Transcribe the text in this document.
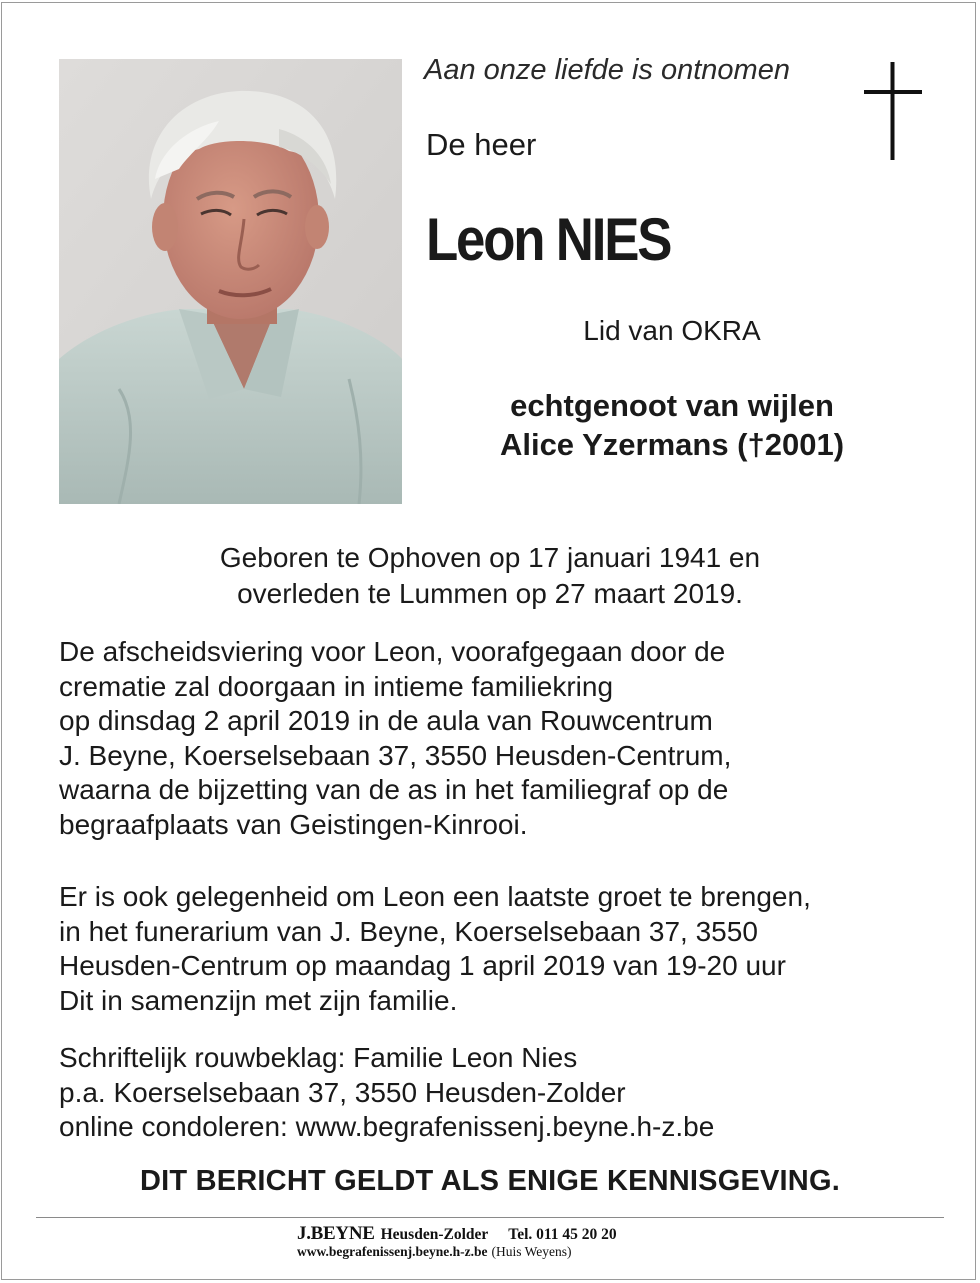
Aan onze liefde is ontnomen
De heer
Leon NIES
Lid van OKRA
echtgenoot van wijlen
Alice Yzermans (†2001)
Geboren te Ophoven op 17 januari 1941 en
overleden te Lummen op 27 maart 2019.
De afscheidsviering voor Leon, voorafgegaan door de
crematie zal doorgaan in intieme familiekring
op dinsdag 2 april 2019 in de aula van Rouwcentrum
J. Beyne, Koerselsebaan 37, 3550 Heusden-Centrum,
waarna de bijzetting van de as in het familiegraf op de
begraafplaats van Geistingen-Kinrooi.
Er is ook gelegenheid om Leon een laatste groet te brengen,
in het funerarium van J. Beyne, Koerselsebaan 37, 3550
Heusden-Centrum op maandag 1 april 2019 van 19-20 uur
Dit in samenzijn met zijn familie.
Schriftelijk rouwbeklag: Familie Leon Nies
p.a. Koerselsebaan 37, 3550 Heusden-Zolder
online condoleren: www.begrafenissenj.beyne.h-z.be
DIT BERICHT GELDT ALS ENIGE KENNISGEVING.
J.BEYNE Heusden-Zolder Tel. 011 45 20 20
www.begrafenissenj.beyne.h-z.be (Huis Weyens)
